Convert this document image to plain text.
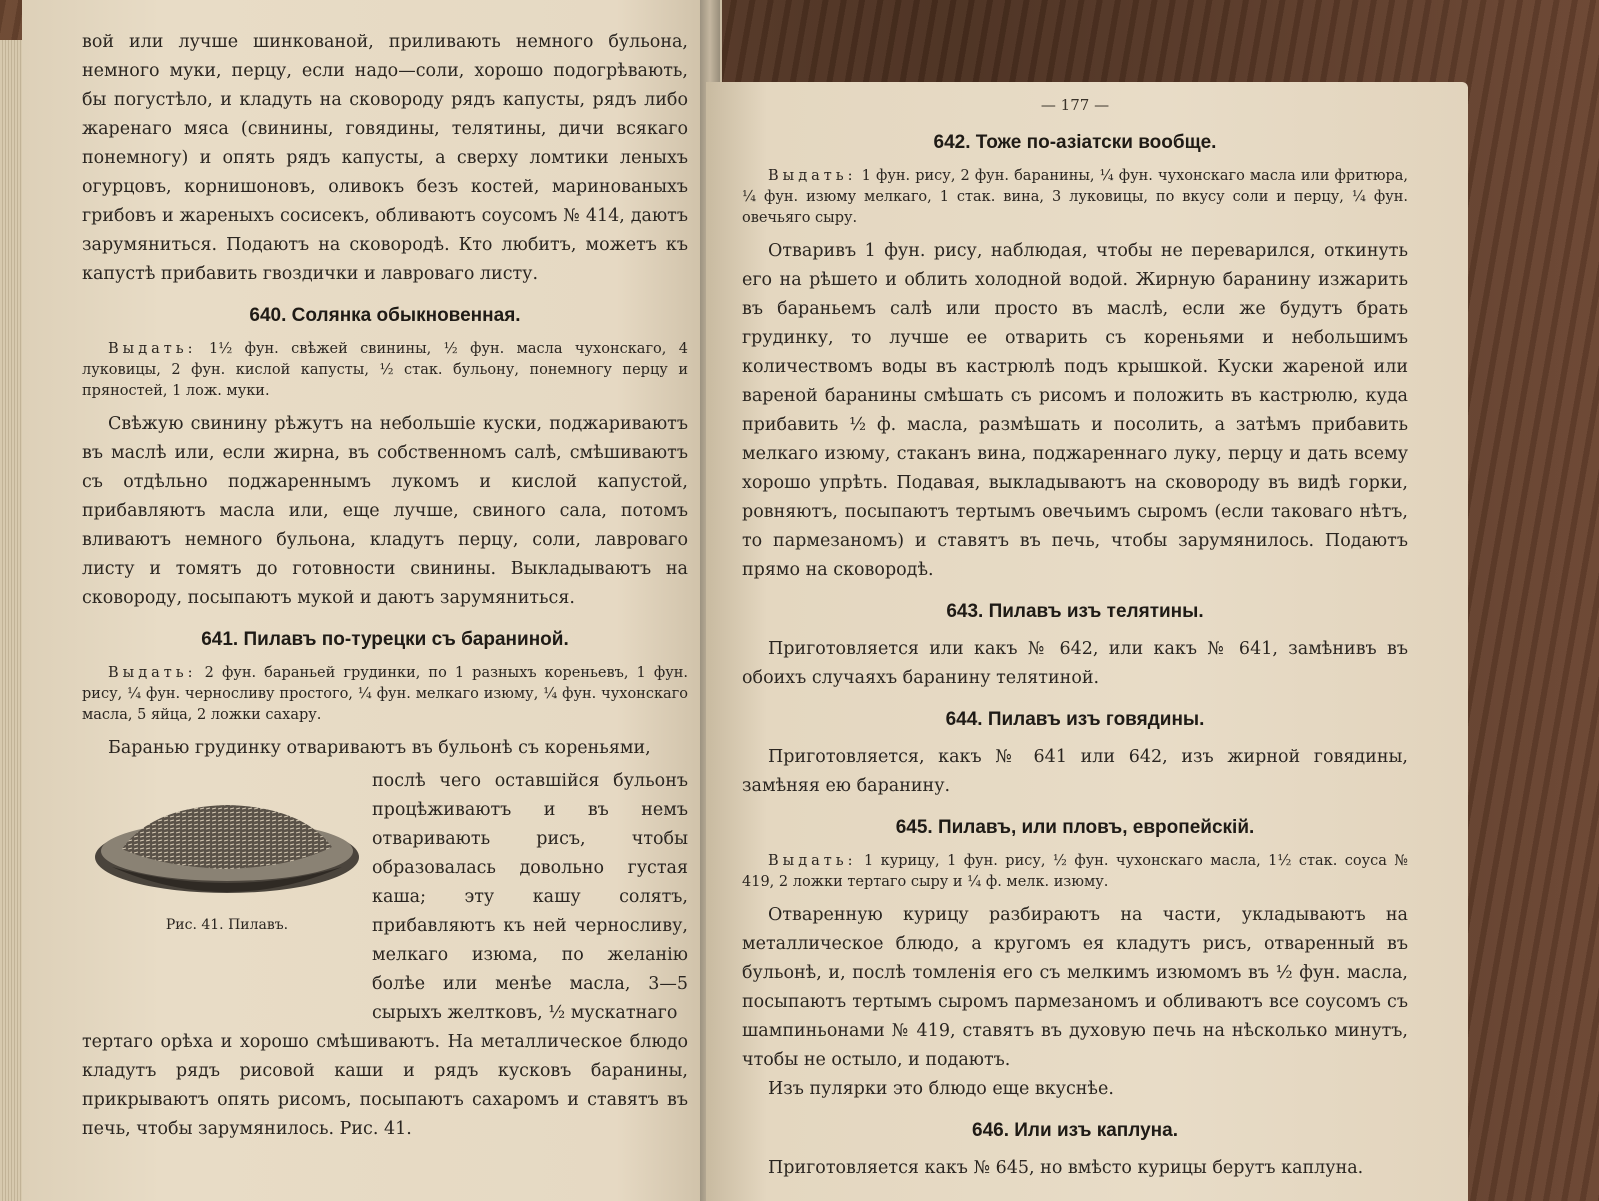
вой или лучше шинкованой, приливають немного бульона, немного муки, перцу, если надо—соли, хорошо подогрѣвають, бы погустѣло, и кладуть на сковороду рядъ капусты, рядъ либо жаренаго мяса (свинины, говядины, телятины, дичи всякаго понемногу) и опять рядъ капусты, а сверху ломтики леныхъ огурцовъ, корнишоновъ, оливокъ безъ костей, маринованыхъ грибовъ и жареныхъ сосисекъ, обливаютъ соусомъ № 414, даютъ зарумяниться. Подаютъ на сковородѣ. Кто любитъ, можетъ къ капустѣ прибавить гвоздички и лавроваго листу.

640. Солянка обыкновенная.

Выдать: 1½ фун. свѣжей свинины, ½ фун. масла чухонскаго, 4 луковицы, 2 фун. кислой капусты, ½ стак. бульону, понемногу перцу и пряностей, 1 лож. муки.

Свѣжую свинину рѣжутъ на небольшiе куски, поджариваютъ въ маслѣ или, если жирна, въ собственномъ салѣ, смѣшиваютъ съ отдѣльно поджареннымъ лукомъ и кислой капустой, прибавляютъ масла или, еще лучше, свиного сала, потомъ вливаютъ немного бульона, кладутъ перцу, соли, лавроваго листу и томятъ до готовности свинины. Выкладываютъ на сковороду, посыпаютъ мукой и даютъ зарумяниться.

641. Пилавъ по-турецки съ бараниной.

Выдать: 2 фун. бараньей грудинки, по 1 разныхъ кореньевъ, 1 фун. рису, ¼ фун. черносливу простого, ¼ фун. мелкаго изюму, ¼ фун. чухонскаго масла, 5 яйца, 2 ложки сахару.

Баранью грудинку отвариваютъ въ бульонѣ съ кореньями,

Рис. 41. Пилавъ.

послѣ чего оставшiйся бульонъ процѣживаютъ и въ немъ отваривають рисъ, чтобы образовалась довольно густая каша; эту кашу солятъ, прибавляютъ къ ней черносливу, мелкаго изюма, по желанiю болѣе или менѣе масла, 3—5 сырыхъ желтковъ, ½ мускатнаго

тертаго орѣха и хорошо смѣшиваютъ. На металлическое блюдо кладутъ рядъ рисовой каши и рядъ кусковъ баранины, прикрываютъ опять рисомъ, посыпаютъ сахаромъ и ставятъ въ печь, чтобы зарумянилось. Рис. 41.

— 177 —
642. Тоже по-азiатски вообще.

Выдать: 1 фун. рису, 2 фун. баранины, ¼ фун. чухонскаго масла или фритюра, ¼ фун. изюму мелкаго, 1 стак. вина, 3 луковицы, по вкусу соли и перцу, ¼ фун. овечьяго сыру.

Отваривъ 1 фун. рису, наблюдая, чтобы не переварился, откинуть его на рѣшето и облить холодной водой. Жирную баранину изжарить въ бараньемъ салѣ или просто въ маслѣ, если же будутъ брать грудинку, то лучше ее отварить съ кореньями и небольшимъ количествомъ воды въ кастрюлѣ подъ крышкой. Куски жареной или вареной баранины смѣшать съ рисомъ и положить въ кастрюлю, куда прибавить ½ ф. масла, размѣшать и посолить, а затѣмъ прибавить мелкаго изюму, стаканъ вина, поджареннаго луку, перцу и дать всему хорошо упрѣть. Подавая, выкладываютъ на сковороду въ видѣ горки, ровняютъ, посыпаютъ тертымъ овечьимъ сыромъ (если таковаго нѣтъ, то пармезаномъ) и ставятъ въ печь, чтобы зарумянилось. Подаютъ прямо на сковородѣ.

643. Пилавъ изъ телятины.

Приготовляется или какъ № 642, или какъ № 641, замѣнивъ въ обоихъ случаяхъ баранину телятиной.

644. Пилавъ изъ говядины.

Приготовляется, какъ № 641 или 642, изъ жирной говядины, замѣняя ею баранину.

645. Пилавъ, или пловъ, европейскiй.

Выдать: 1 курицу, 1 фун. рису, ½ фун. чухонскаго масла, 1½ стак. соуса № 419, 2 ложки тертаго сыру и ¼ ф. мелк. изюму.

Отваренную курицу разбираютъ на части, укладываютъ на металлическое блюдо, а кругомъ ея кладутъ рисъ, отваренный въ бульонѣ, и, послѣ томленiя его съ мелкимъ изюмомъ въ ½ фун. масла, посыпаютъ тертымъ сыромъ пармезаномъ и обливаютъ все соусомъ съ шампиньонами № 419, ставятъ въ духовую печь на нѣсколько минутъ, чтобы не остыло, и подаютъ.

Изъ пулярки это блюдо еще вкуснѣе.

646. Или изъ каплуна.

Приготовляется какъ № 645, но вмѣсто курицы берутъ каплуна.
